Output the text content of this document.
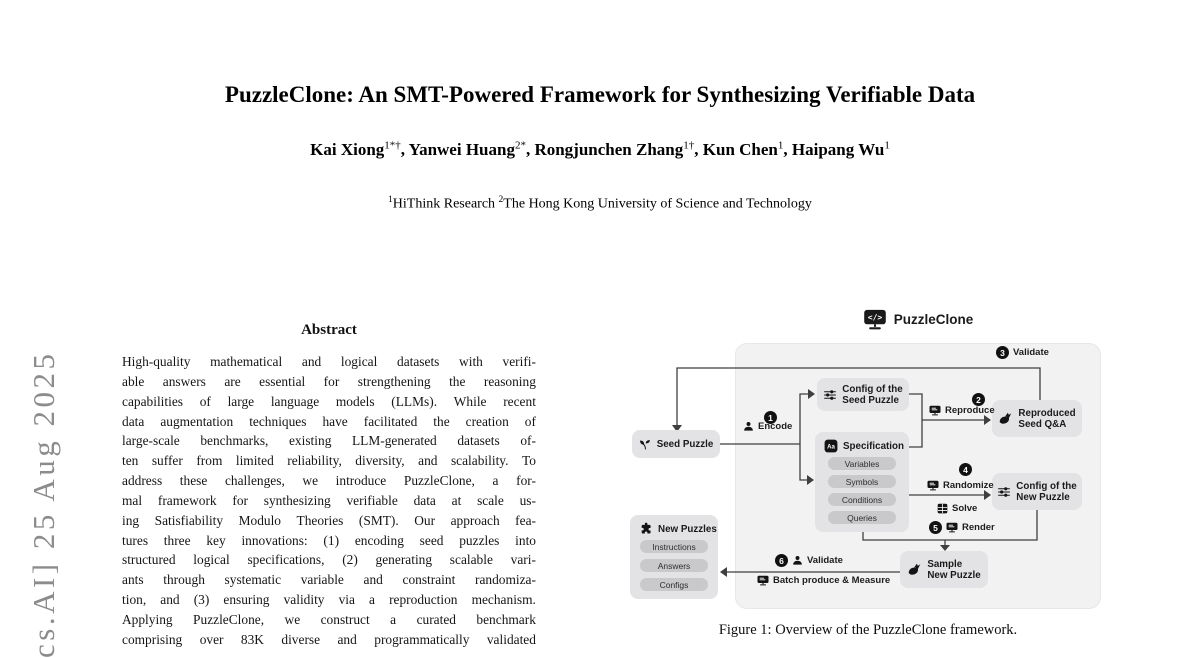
cs.AI] 25 Aug 2025
PuzzleClone: An SMT-Powered Framework for Synthesizing Verifiable Data
Kai Xiong$^{1*\dagger}$, Yanwei Huang$^{2*}$, Rongjunchen Zhang$^{1\dagger}$, Kun Chen$^1$, Haipang Wu$^1$
$^1$HiThink Research $^2$The Hong Kong University of Science and Technology
Abstract
High-quality mathematical and logical datasets with verifi-
able answers are essential for strengthening the reasoning
capabilities of large language models (LLMs). While recent
data augmentation techniques have facilitated the creation of
large-scale benchmarks, existing LLM-generated datasets of-
ten suffer from limited reliability, diversity, and scalability. To
address these challenges, we introduce PuzzleClone, a for-
mal framework for synthesizing verifiable data at scale us-
ing Satisfiability Modulo Theories (SMT). Our approach fea-
tures three key innovations: (1) encoding seed puzzles into
structured logical specifications, (2) generating scalable vari-
ants through systematic variable and constraint randomiza-
tion, and (3) ensuring validity via a reproduction mechanism.
Applying PuzzleClone, we construct a curated benchmark
comprising over 83K diverse and programmatically validated
</> PuzzleClone
Seed Puzzle
Config of the
Seed Puzzle
Aa Specification
Variables
Symbols
Conditions
Queries
Reproduced
Seed Q&A
Config of the
New Puzzle
Sample
New Puzzle
New Puzzles
Instructions
Answers
Configs
1
Encode
2
Reproduce
3 Validate
4
Randomize
Solve
5	Render
6	Validate
Batch produce & Measure
Figure 1: Overview of the PuzzleClone framework.
